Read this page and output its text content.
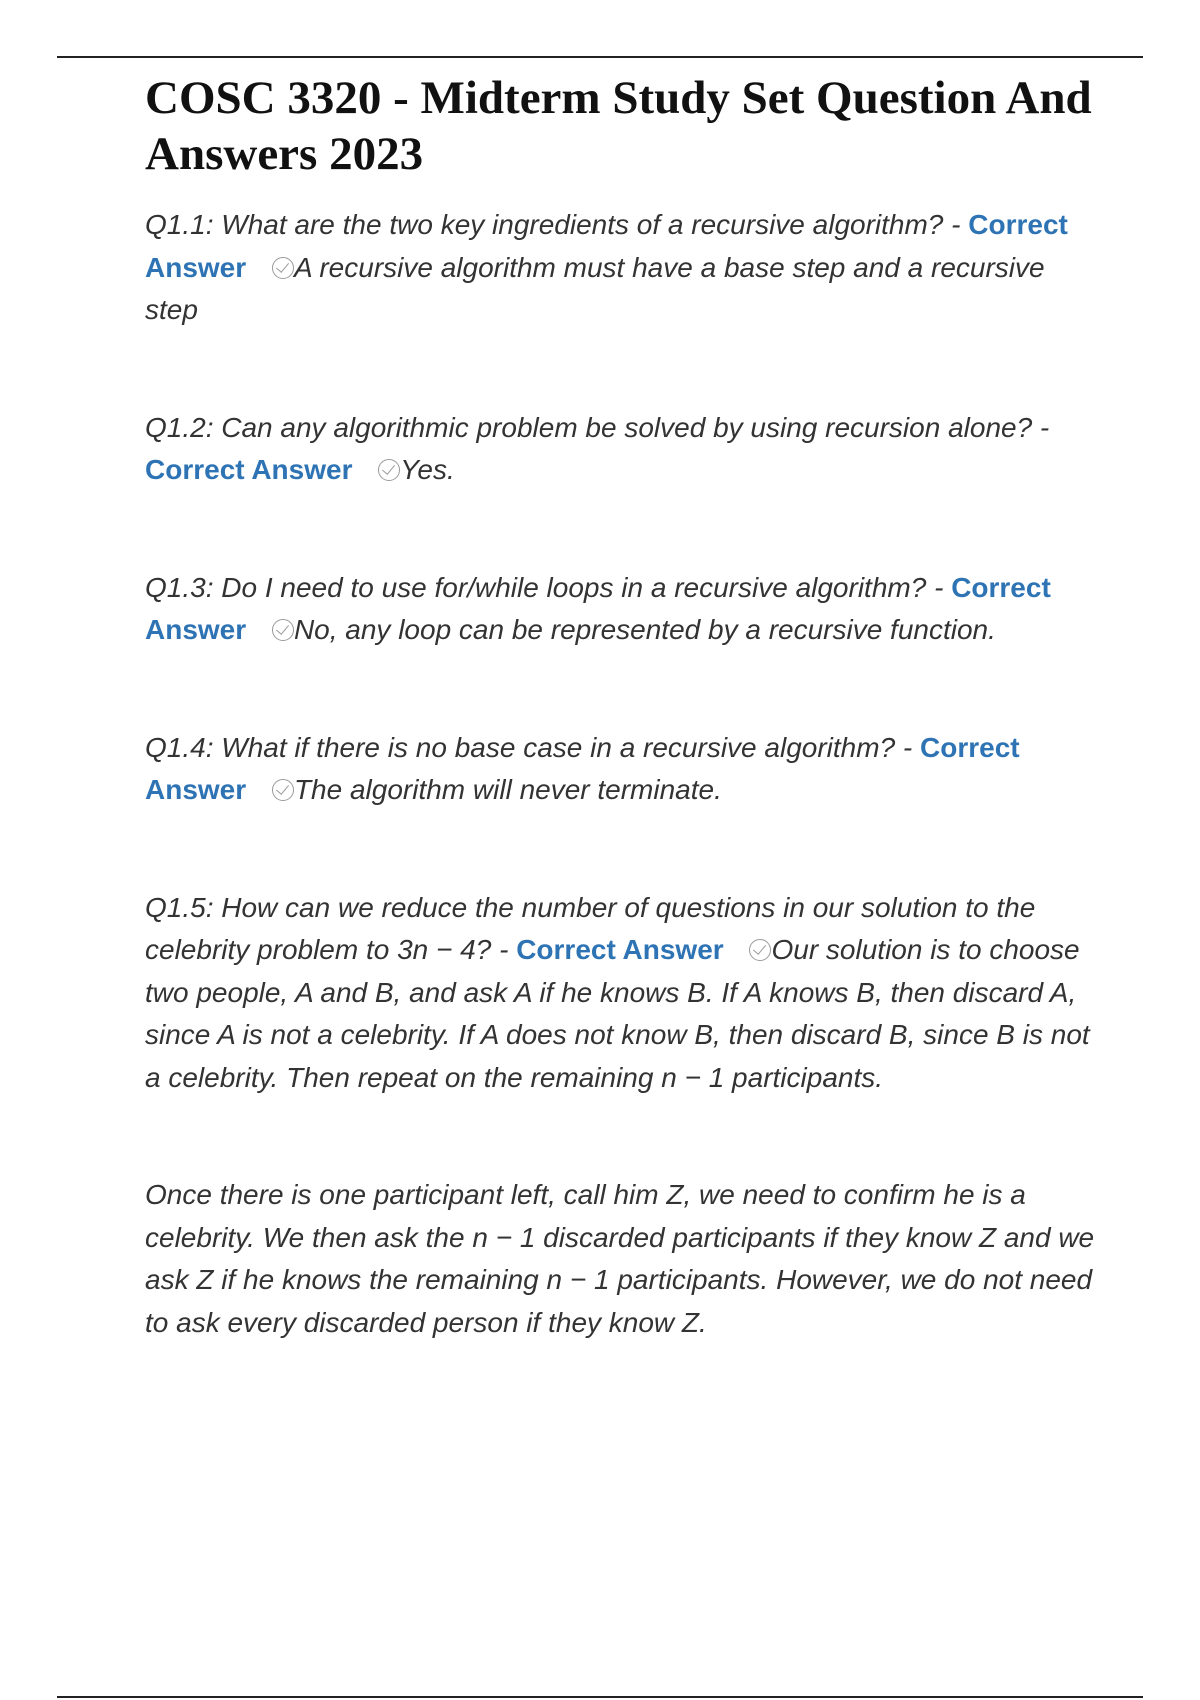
COSC 3320 - Midterm Study Set Question And Answers 2023

Q1.1: What are the two key ingredients of a recursive algorithm? - Correct Answer A recursive algorithm must have a base step and a recursive step

Q1.2: Can any algorithmic problem be solved by using recursion alone? - Correct Answer Yes.

Q1.3: Do I need to use for/while loops in a recursive algorithm? - Correct Answer No, any loop can be represented by a recursive function.

Q1.4: What if there is no base case in a recursive algorithm? - Correct Answer The algorithm will never terminate.

Q1.5: How can we reduce the number of questions in our solution to the celebrity problem to 3n − 4? - Correct Answer Our solution is to choose two people, A and B, and ask A if he knows B. If A knows B, then discard A, since A is not a celebrity. If A does not know B, then discard B, since B is not a celebrity. Then repeat on the remaining n − 1 participants.

Once there is one participant left, call him Z, we need to confirm he is a celebrity. We then ask the n − 1 discarded participants if they know Z and we ask Z if he knows the remaining n − 1 participants. However, we do not need to ask every discarded person if they know Z.
